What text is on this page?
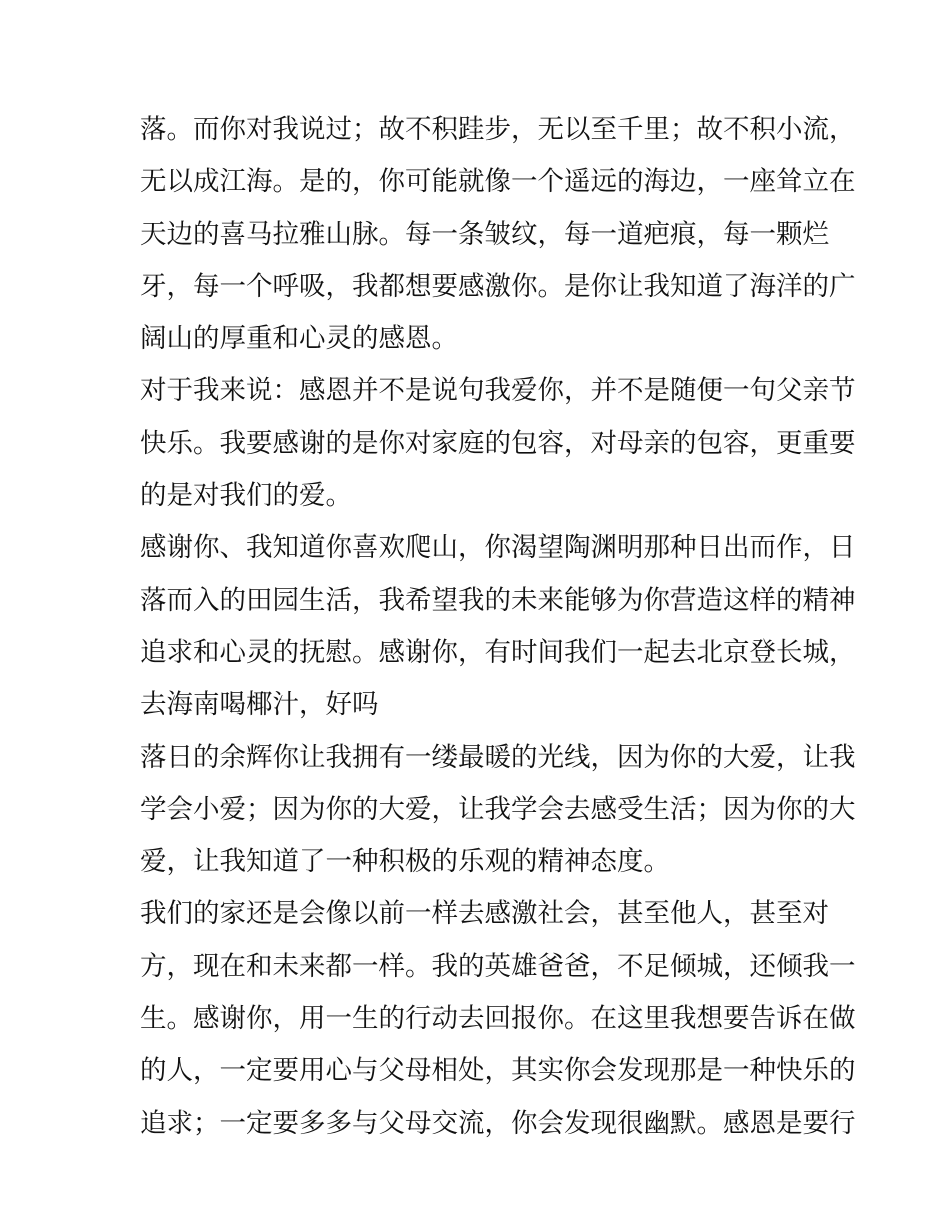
落。而你对我说过；故不积跬步，无以至千里；故不积小流，
无以成江海。是的，你可能就像一个遥远的海边，一座耸立在
天边的喜马拉雅山脉。每一条皱纹，每一道疤痕，每一颗烂
牙，每一个呼吸，我都想要感激你。是你让我知道了海洋的广
阔山的厚重和心灵的感恩。
对于我来说：感恩并不是说句我爱你，并不是随便一句父亲节
快乐。我要感谢的是你对家庭的包容，对母亲的包容，更重要
的是对我们的爱。
感谢你、我知道你喜欢爬山，你渴望陶渊明那种日出而作，日
落而入的田园生活，我希望我的未来能够为你营造这样的精神
追求和心灵的抚慰。感谢你，有时间我们一起去北京登长城，
去海南喝椰汁，好吗
落日的余辉你让我拥有一缕最暖的光线，因为你的大爱，让我
学会小爱；因为你的大爱，让我学会去感受生活；因为你的大
爱，让我知道了一种积极的乐观的精神态度。
我们的家还是会像以前一样去感激社会，甚至他人，甚至对
方，现在和未来都一样。我的英雄爸爸，不足倾城，还倾我一
生。感谢你，用一生的行动去回报你。在这里我想要告诉在做
的人，一定要用心与父母相处，其实你会发现那是一种快乐的
追求；一定要多多与父母交流，你会发现很幽默。感恩是要行
